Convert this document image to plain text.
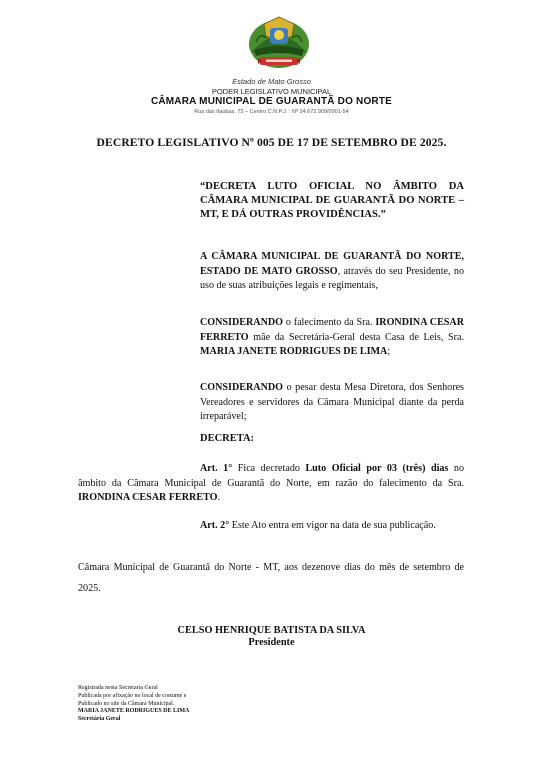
Estado de Mato Grosso
PODER LEGISLATIVO MUNICIPAL
CÂMARA MUNICIPAL DE GUARANTÃ DO NORTE
Rua das Itaúbas, 72 – Centro C.N.P.J. : Nº 24.672.909/0001-54
DECRETO LEGISLATIVO Nº 005 DE 17 DE SETEMBRO DE 2025.
“DECRETA LUTO OFICIAL NO ÂMBITO DA CÂMARA MUNICIPAL DE GUARANTÃ DO NORTE – MT, E DÁ OUTRAS PROVIDÊNCIAS.”
A CÂMARA MUNICIPAL DE GUARANTÃ DO NORTE, ESTADO DE MATO GROSSO, através do seu Presidente, no uso de suas atribuições legais e regimentais,
CONSIDERANDO o falecimento da Sra. IRONDINA CESAR FERRETO mãe da Secretária-Geral desta Casa de Leis, Sra. MARIA JANETE RODRIGUES DE LIMA;
CONSIDERANDO o pesar desta Mesa Diretora, dos Senhores Vereadores e servidores da Câmara Municipal diante da perda irreparável;
DECRETA:
Art. 1° Fica decretado Luto Oficial por 03 (três) dias no âmbito da Câmara Municipal de Guarantã do Norte, em razão do falecimento da Sra. IRONDINA CESAR FERRETO.
Art. 2° Este Ato entra em vigor na data de sua publicação.
Câmara Municipal de Guarantã do Norte - MT, aos dezenove dias do mês de setembro de 2025.
CELSO HENRIQUE BATISTA DA SILVA
Presidente
Registrada nesta Secretaria Geral
Publicada por afixação no local de costume e
Publicado no site da Câmara Municipal.
MARIA JANETE RODRIGUES DE LIMA
Secretária Geral
